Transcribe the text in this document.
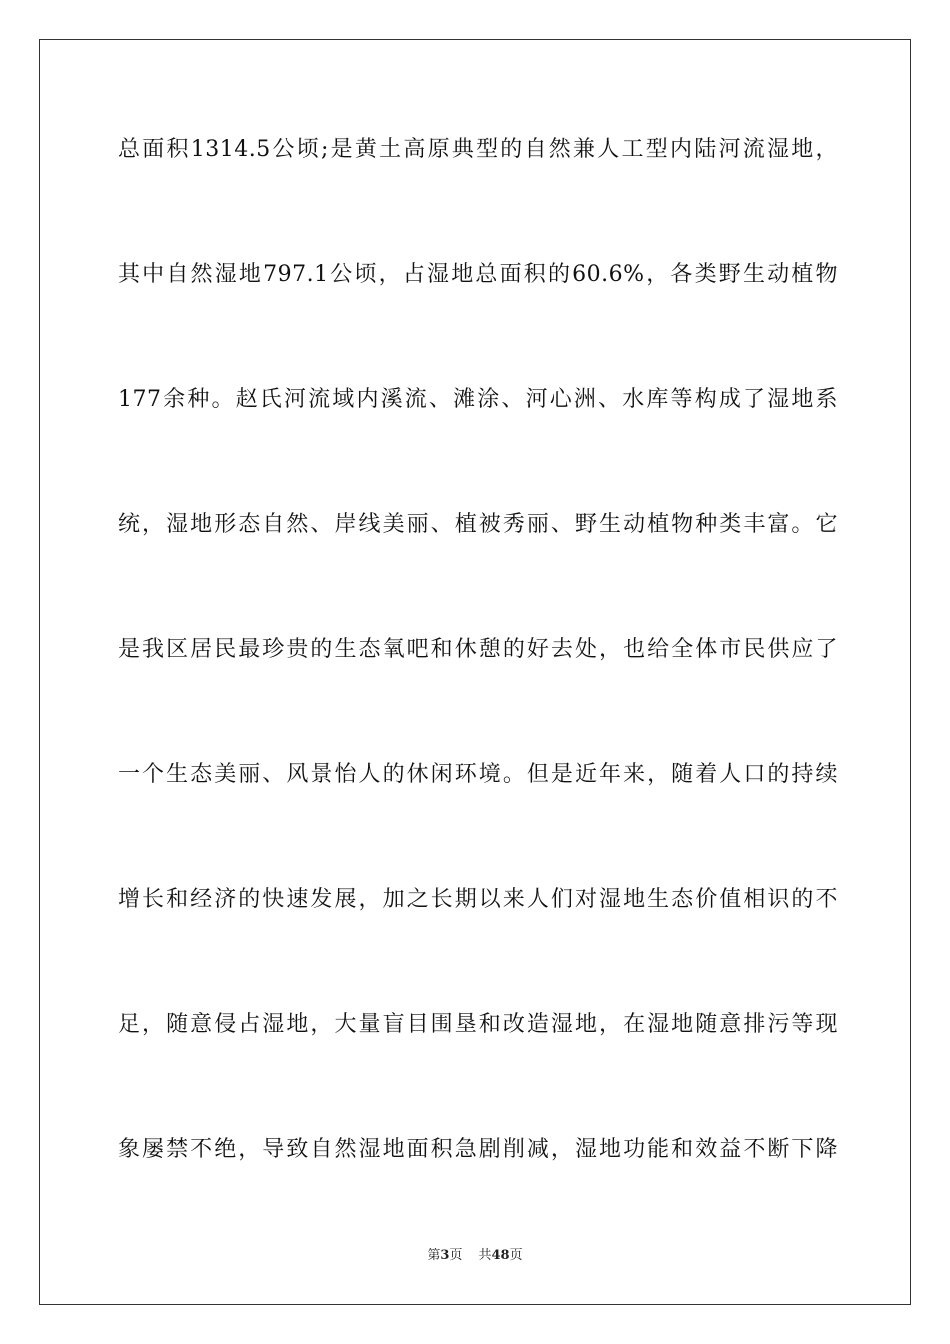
总面积1314.5公顷;是黄土高原典型的自然兼人工型内陆河流湿地，
其中自然湿地797.1公顷，占湿地总面积的60.6%，各类野生动植物
177余种。赵氏河流域内溪流、滩涂、河心洲、水库等构成了湿地系
统，湿地形态自然、岸线美丽、植被秀丽、野生动植物种类丰富。它
是我区居民最珍贵的生态氧吧和休憩的好去处，也给全体市民供应了
一个生态美丽、风景怡人的休闲环境。但是近年来，随着人口的持续
增长和经济的快速发展，加之长期以来人们对湿地生态价值相识的不
足，随意侵占湿地，大量盲目围垦和改造湿地，在湿地随意排污等现
象屡禁不绝，导致自然湿地面积急剧削减，湿地功能和效益不断下降
第3页 共48页
